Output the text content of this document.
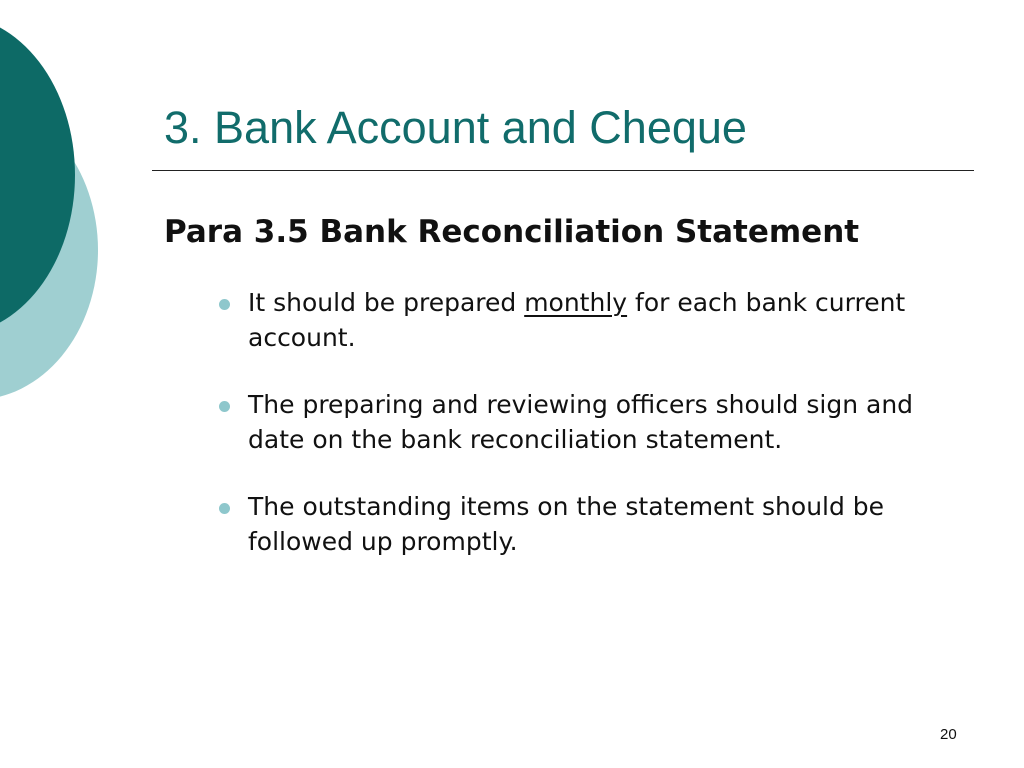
3. Bank Account and Cheque
Para 3.5 Bank Reconciliation Statement
It should be prepared monthly for each bank current account.
The preparing and reviewing officers should sign and date on the bank reconciliation statement.
The outstanding items on the statement should be followed up promptly.
20
